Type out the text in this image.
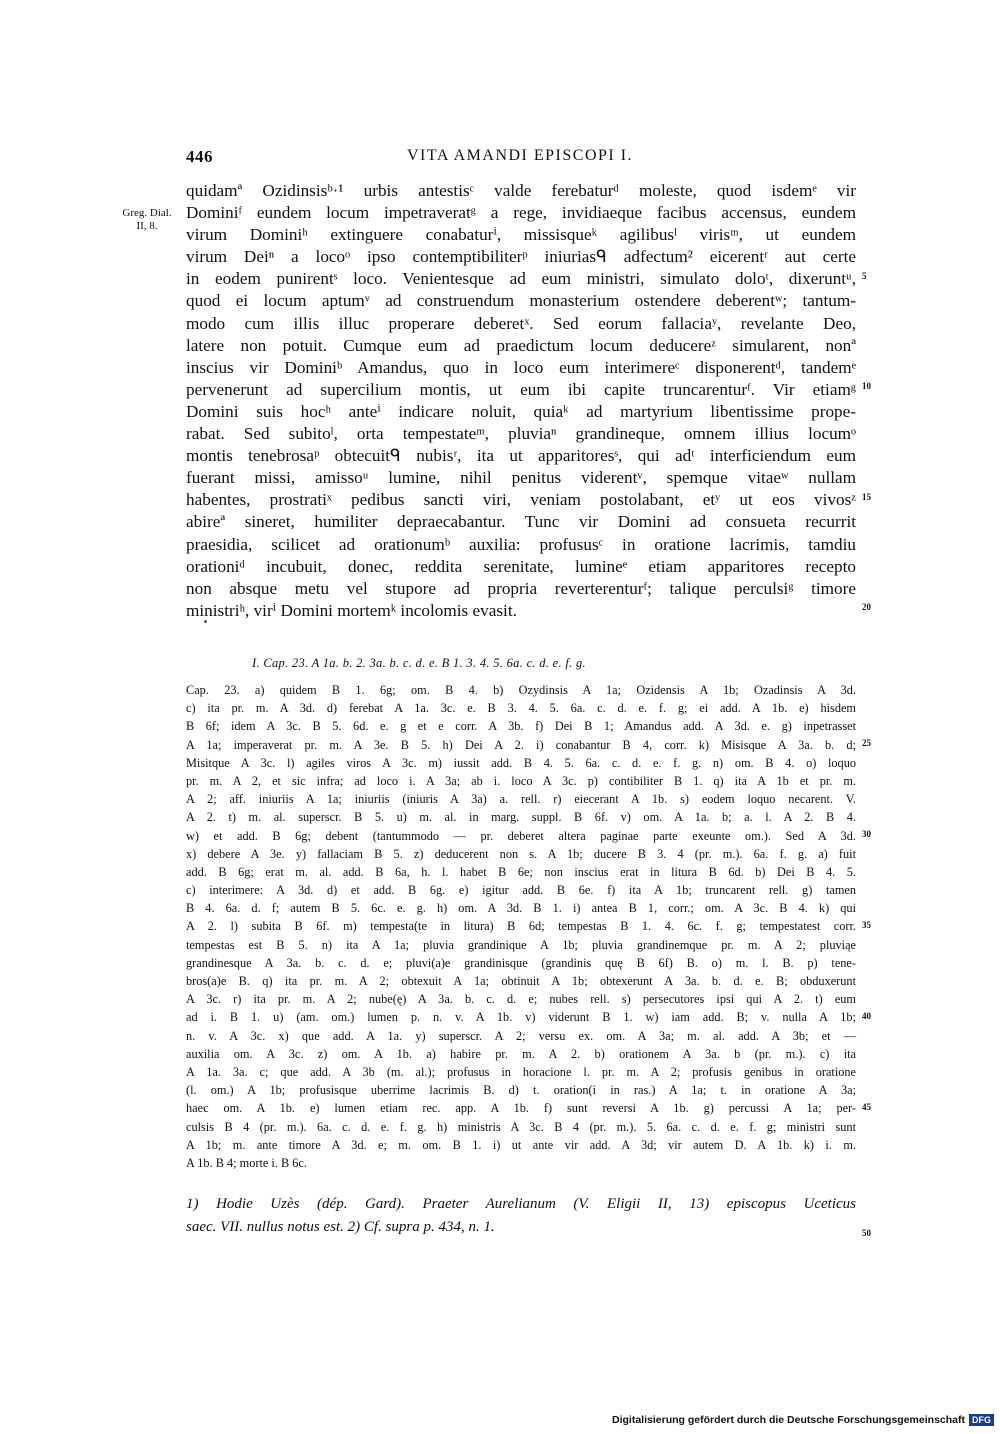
446	VITA AMANDI EPISCOPI I.
Greg. Dial.
II, 8.
quidamª Ozidinsisᵇ·¹ urbis antestisᶜ valde ferebaturᵈ moleste, quod isdemᵉ vir
Dominiᶠ eundem locum impetraveratᵍ a rege, invidiaeque facibus accensus, eundem
virum Dominiʰ extinguere conabaturⁱ, missisqueᵏ agilibusˡ virisᵐ, ut eundem
virum Deiⁿ a locoᵒ ipso contemptibiliterᵖ iniuriasᑫ adfectum² eicerentʳ aut certe
in eodem punirentˢ loco. Venientesque ad eum ministri, simulato doloᵗ, dixeruntᵘ,
quod ei locum aptumᵛ ad construendum monasterium ostendere deberentʷ; tantum-
modo cum illis illuc properare deberetˣ. Sed eorum fallaciaʸ, revelante Deo,
latere non potuit. Cumque eum ad praedictum locum deducereᶻ simularent, nonª
inscius vir Dominiᵇ Amandus, quo in loco eum interimereᶜ disponerentᵈ, tandemᵉ
pervenerunt ad supercilium montis, ut eum ibi capite truncarenturᶠ. Vir etiamᵍ
Domini suis hocʰ anteⁱ indicare noluit, quiaᵏ ad martyrium libentissime prope-
rabat. Sed subitoˡ, orta tempestateᵐ, pluviaⁿ grandineque, omnem illius locumᵒ
montis tenebrosaᵖ obtecuitᑫ nubisʳ, ita ut apparitoresˢ, qui adᵗ interficiendum eum
fuerant missi, amissoᵘ lumine, nihil penitus viderentᵛ, spemque vitaeʷ nullam
habentes, prostratiˣ pedibus sancti viri, veniam postolabant, etʸ ut eos vivosᶻ
abireª sineret, humiliter depraecabantur. Tunc vir Domini ad consueta recurrit
praesidia, scilicet ad orationumᵇ auxilia: profususᶜ in oratione lacrimis, tamdiu
orationiᵈ incubuit, donec, reddita serenitate, lumineᵉ etiam apparitores recepto
non absque metu vel stupore ad propria reverterenturᶠ; talique perculsiᵍ timore
ministriʰ, virⁱ Domini mortemᵏ incolomis evasit.
5
10
15
20
I. Cap. 23. A 1a. b. 2. 3a. b. c. d. e. B 1. 3. 4. 5. 6a. c. d. e. f. g.
Cap. 23. a) quidem B 1. 6g; om. B 4. b) Ozydinsis A 1a; Ozidensis A 1b; Ozadinsis A 3d.
c) ita pr. m. A 3d. d) ferebat A 1a. 3c. e. B 3. 4. 5. 6a. c. d. e. f. g; ei add. A 1b. e) hisdem
B 6f; idem A 3c. B 5. 6d. e. g et e corr. A 3b. f) Dei B 1; Amandus add. A 3d. e. g) inpetrasset
A 1a; imperaverat pr. m. A 3e. B 5. h) Dei A 2. i) conabantur B 4, corr. k) Misisque A 3a. b. d;
Misitque A 3c. l) agiles viros A 3c. m) iussit add. B 4. 5. 6a. c. d. e. f. g. n) om. B 4. o) loquo
pr. m. A 2, et sic infra; ad loco i. A 3a; ab i. loco A 3c. p) contibiliter B 1. q) ita A 1b et pr. m.
A 2; aff. iniuriis A 1a; iniuriis (iniuris A 3a) a. rell. r) eiecerant A 1b. s) eodem loquo necarent. V.
A 2. t) m. al. superscr. B 5. u) m. al. in marg. suppl. B 6f. v) om. A 1a. b; a. l. A 2. B 4.
w) et add. B 6g; debent (tantummodo — pr. deberet altera paginae parte exeunte om.). Sed A 3d.
x) debere A 3e. y) fallaciam B 5. z) deducerent non s. A 1b; ducere B 3. 4 (pr. m.). 6a. f. g. a) fuit
add. B 6g; erat m. al. add. B 6a, h. l. habet B 6e; non inscius erat in litura B 6d. b) Dei B 4. 5.
c) interimere: A 3d. d) et add. B 6g. e) igitur add. B 6e. f) ita A 1b; truncarent rell. g) tamen
B 4. 6a. d. f; autem B 5. 6c. e. g. h) om. A 3d. B 1. i) antea B 1, corr.; om. A 3c. B 4. k) qui
A 2. l) subita B 6f. m) tempesta(te in litura) B 6d; tempestas B 1. 4. 6c. f. g; tempestatest corr.
tempestas est B 5. n) ita A 1a; pluvia grandinique A 1b; pluvia grandinemque pr. m. A 2; pluviąe
grandinesque A 3a. b. c. d. e; pluvi(a)e grandinisque (grandinis quę B 6f) B. o) m. l. B. p) tene-
bros(a)e B. q) ita pr. m. A 2; obtexuit A 1a; obtinuit A 1b; obtexerunt A 3a. b. d. e. B; obduxerunt
A 3c. r) ita pr. m. A 2; nube(ę) A 3a. b. c. d. e; nubes rell. s) persecutores ipsi qui A 2. t) eum
ad i. B 1. u) (am. om.) lumen p. n. v. A 1b. v) viderunt B 1. w) iam add. B; v. nulla A 1b;
n. v. A 3c. x) que add. A 1a. y) superscr. A 2; versu ex. om. A 3a; m. al. add. A 3b; et —
auxilia om. A 3c. z) om. A 1b. a) habire pr. m. A 2. b) orationem A 3a. b (pr. m.). c) ita
A 1a. 3a. c; que add. A 3b (m. al.); profusus in horacione l. pr. m. A 2; profusis genibus in oratione
(l. om.) A 1b; profusisque uberrime lacrimis B. d) t. oration(i in ras.) A 1a; t. in oratione A 3a;
haec om. A 1b. e) lumen etiam rec. app. A 1b. f) sunt reversi A 1b. g) percussi A 1a; per-
culsis B 4 (pr. m.). 6a. c. d. e. f. g. h) ministris A 3c. B 4 (pr. m.). 5. 6a. c. d. e. f. g; ministri sunt
A 1b; m. ante timore A 3d. e; m. om. B 1. i) ut ante vir add. A 3d; vir autem D. A 1b. k) i. m.
A 1b. B 4; morte i. B 6c.
25
30
35
40
45
1) Hodie Uzès (dép. Gard). Praeter Aurelianum (V. Eligii II, 13) episcopus Uceticus
saec. VII. nullus notus est. 2) Cf. supra p. 434, n. 1.	50
Digitalisierung gefördert durch die Deutsche Forschungsgemeinschaft DFG
